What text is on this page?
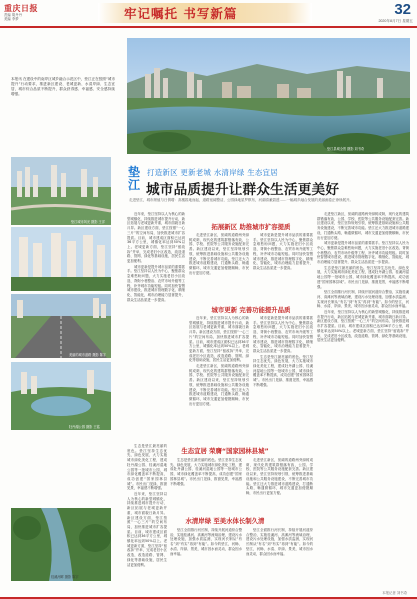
重庆日报
责编 胡丹丹
美编 李梦	牢记嘱托 书写新篇	32
2020年8月7日 星期五
本报讯 在建设中的南岸区城乡融合示范区中，垫江正在按照“城市提升”行动要求，推进新区建设、老城更新、水清岸绿、生态宜居，城市综合品质不断提升，群众获得感、幸福感、安全感持续增强。
垫江县城全景 摄影 刘书奇
垫江城市风光 摄影 王洋
美丽的城市道路 摄影 陈宇
牡丹湖公园 摄影 王铭
桂溪河畔 摄影 陈宇
垫江
打造新区 更新老城 水清岸绿 生态宜居
城市品质提升让群众生活更美好
走进垫江，城市颜值与日俱增：高楼拔地而起，道路宽阔整洁，公园绿地星罗棋布，河湖清澈碧透……一幅城乡融合发展的美丽画卷正徐徐展开。
拓展新区 助推城市扩容提质
城市更新 完善功能提升品质
生态宜居 荣膺“国家园林县城”
水清岸绿 至美水体长制久清

近年来，垫江坚持以人为核心的新型城镇化，持续推进城市提升行动，新区拓展与老城更新并重，城市面貌日新月异。新区建设方面，垫江按照“一心三片”的空间布局，加快推进城市扩容提质。目前，城市建成区面积已达到36平方公里，城镇化率达到50%以上。老城更新方面，垫江坚持“留改拆”并举，完成老旧小区改造，改造道路、管网、绿化等基础设施，居民生活更加便利。

城市更新是提升城市品质的重要抓手。垫江坚持以人民为中心，聚焦群众急难愁盼问题，大力实施老旧小区改造、背街小巷整治、农贸市场升级等工程，补齐城市功能短板。同时加快智慧城市建设，推进城市管理数字化、精细化、智能化，城市治理能力显著提升，群众生活品质进一步提高。

走进垫江新区，宽阔的道路两旁绿树成荫，现代化的建筑群错落有致，公园、学校、医院等公共服务设施配套完善。新区建设以来，垫江坚持规划引领，统筹推进基础设施和公共服务设施建设，不断完善城市功能。垫江还大力推进城市道路建设，打通断头路，畅通微循环，城市交通更加便捷顺畅，市民出行更加方便。

城市更新是提升城市品质的重要抓手。垫江坚持以人民为中心，聚焦群众急难愁盼问题，大力实施老旧小区改造、背街小巷整治、农贸市场升级等工程，补齐城市功能短板。同时加快智慧城市建设，推进城市管理数字化、精细化、智能化，城市治理能力显著提升，群众生活品质进一步提高。

近年来，垫江坚持以人为核心的新型城镇化，持续推进城市提升行动，新区拓展与老城更新并重，城市面貌日新月异。新区建设方面，垫江按照“一心三片”的空间布局，加快推进城市扩容提质。目前，城市建成区面积已达到36平方公里，城镇化率达到50%以上。老城更新方面，垫江坚持“留改拆”并举，完成老旧小区改造，改造道路、管网、绿化等基础设施，居民生活更加便利。

走进垫江新区，宽阔的道路两旁绿树成荫，现代化的建筑群错落有致，公园、学校、医院等公共服务设施配套完善。新区建设以来，垫江坚持规划引领，统筹推进基础设施和公共服务设施建设，不断完善城市功能。垫江还大力推进城市道路建设，打通断头路，畅通微循环，城市交通更加便捷顺畅，市民出行更加方便。

城市更新是提升城市品质的重要抓手。垫江坚持以人民为中心，聚焦群众急难愁盼问题，大力实施老旧小区改造、背街小巷整治、农贸市场升级等工程，补齐城市功能短板。同时加快智慧城市建设，推进城市管理数字化、精细化、智能化，城市治理能力显著提升，群众生活品质进一步提高。

生态是垫江最亮丽的底色。垫江坚持生态优先、绿色发展，大力实施城市绿化美化工程，建成牡丹湖公园、桂溪河湿地公园等一批城市公园，城市绿化覆盖率不断提高，成功创建“国家园林县城”。市民出门见绿、推窗见景，幸福感不断增强。

走进垫江新区，宽阔的道路两旁绿树成荫，现代化的建筑群错落有致，公园、学校、医院等公共服务设施配套完善。新区建设以来，垫江坚持规划引领，统筹推进基础设施和公共服务设施建设，不断完善城市功能。垫江还大力推进城市道路建设，打通断头路，畅通微循环，城市交通更加便捷顺畅，市民出行更加方便。

城市更新是提升城市品质的重要抓手。垫江坚持以人民为中心，聚焦群众急难愁盼问题，大力实施老旧小区改造、背街小巷整治、农贸市场升级等工程，补齐城市功能短板。同时加快智慧城市建设，推进城市管理数字化、精细化、智能化，城市治理能力显著提升，群众生活品质进一步提高。

生态是垫江最亮丽的底色。垫江坚持生态优先、绿色发展，大力实施城市绿化美化工程，建成牡丹湖公园、桂溪河湿地公园等一批城市公园，城市绿化覆盖率不断提高，成功创建“国家园林县城”。市民出门见绿、推窗见景，幸福感不断增强。

垫江全面推行河长制，持续开展河道综合整治，实施桂溪河、高滩河等流域治理，建设污水处理设施，加强水质监测，实现河长制从“有名”到“有实”再到“有能”。如今的垫江，河畅、水清、岸绿、景美，城市因水而灵动，群众因水而幸福。

近年来，垫江坚持以人为核心的新型城镇化，持续推进城市提升行动，新区拓展与老城更新并重，城市面貌日新月异。新区建设方面，垫江按照“一心三片”的空间布局，加快推进城市扩容提质。目前，城市建成区面积已达到36平方公里，城镇化率达到50%以上。老城更新方面，垫江坚持“留改拆”并举，完成老旧小区改造，改造道路、管网、绿化等基础设施，居民生活更加便利。

生态是垫江最亮丽的底色。垫江坚持生态优先、绿色发展，大力实施城市绿化美化工程，建成牡丹湖公园、桂溪河湿地公园等一批城市公园，城市绿化覆盖率不断提高，成功创建“国家园林县城”。市民出门见绿、推窗见景，幸福感不断增强。

近年来，垫江坚持以人为核心的新型城镇化，持续推进城市提升行动，新区拓展与老城更新并重，城市面貌日新月异。新区建设方面，垫江按照“一心三片”的空间布局，加快推进城市扩容提质。目前，城市建成区面积已达到36平方公里，城镇化率达到50%以上。老城更新方面，垫江坚持“留改拆”并举，完成老旧小区改造，改造道路、管网、绿化等基础设施，居民生活更加便利。

生态是垫江最亮丽的底色。垫江坚持生态优先、绿色发展，大力实施城市绿化美化工程，建成牡丹湖公园、桂溪河湿地公园等一批城市公园，城市绿化覆盖率不断提高，成功创建“国家园林县城”。市民出门见绿、推窗见景，幸福感不断增强。

走进垫江新区，宽阔的道路两旁绿树成荫，现代化的建筑群错落有致，公园、学校、医院等公共服务设施配套完善。新区建设以来，垫江坚持规划引领，统筹推进基础设施和公共服务设施建设，不断完善城市功能。垫江还大力推进城市道路建设，打通断头路，畅通微循环，城市交通更加便捷顺畅，市民出行更加方便。

垫江全面推行河长制，持续开展河道综合整治，实施桂溪河、高滩河等流域治理，建设污水处理设施，加强水质监测，实现河长制从“有名”到“有实”再到“有能”。如今的垫江，河畅、水清、岸绿、景美，城市因水而灵动，群众因水而幸福。

垫江全面推行河长制，持续开展河道综合整治，实施桂溪河、高滩河等流域治理，建设污水处理设施，加强水质监测，实现河长制从“有名”到“有实”再到“有能”。如今的垫江，河畅、水清、岸绿、景美，城市因水而灵动，群众因水而幸福。

本报记者 刘书奇
